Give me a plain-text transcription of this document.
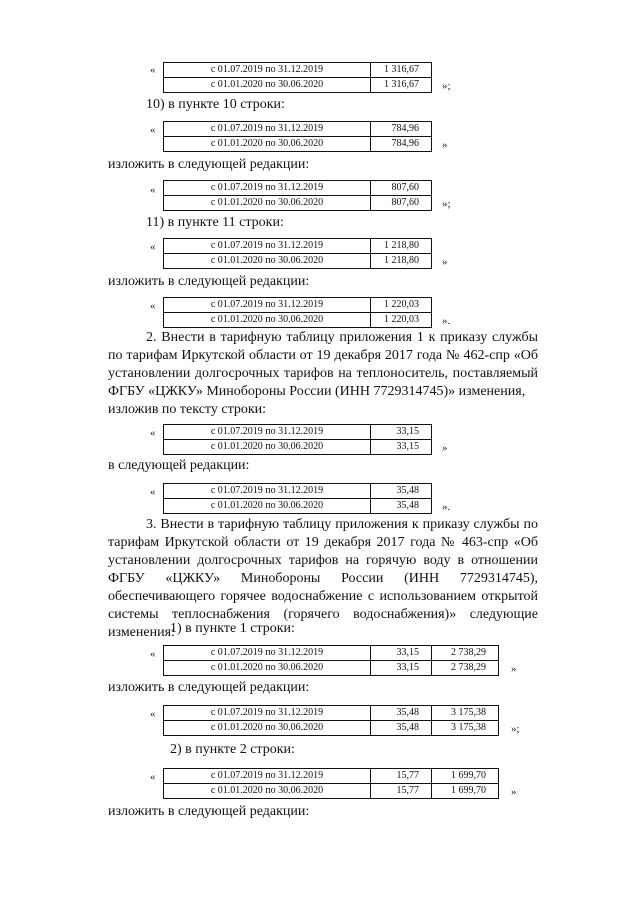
«	с 01.07.2019 по 31.12.2019	1 316,67
с 01.01.2020 по 30.06.2020	1 316,67 »;
10) в пункте 10 строки:
«	с 01.07.2019 по 31.12.2019	784,96
с 01.01.2020 по 30.06.2020	784,96 »
изложить в следующей редакции:
«	с 01.07.2019 по 31.12.2019	807,60
с 01.01.2020 по 30.06.2020	807,60 »;
11) в пункте 11 строки:
«	с 01.07.2019 по 31.12.2019	1 218,80
с 01.01.2020 по 30.06.2020	1 218,80 »
изложить в следующей редакции:
«	с 01.07.2019 по 31.12.2019	1 220,03
с 01.01.2020 по 30.06.2020	1 220,03 ».
2. Внести в тарифную таблицу приложения 1 к приказу службы по тарифам Иркутской области от 19 декабря 2017 года № 462-спр «Об установлении долгосрочных тарифов на теплоноситель, поставляемый ФГБУ «ЦЖКУ» Минобороны России (ИНН 7729314745)» изменения,
изложив по тексту строки:
«	с 01.07.2019 по 31.12.2019	33,15
с 01.01.2020 по 30.06.2020	33,15 »
в следующей редакции:
«	с 01.07.2019 по 31.12.2019	35,48
с 01.01.2020 по 30.06.2020	35,48 ».
3. Внести в тарифную таблицу приложения к приказу службы по тарифам Иркутской области от 19 декабря 2017 года № 463-спр «Об установлении долгосрочных тарифов на горячую воду в отношении ФГБУ «ЦЖКУ» Минобороны России (ИНН 7729314745), обеспечивающего горячее водоснабжение с использованием открытой системы теплоснабжения (горячего водоснабжения)» следующие изменения:
1) в пункте 1 строки:
«	с 01.07.2019 по 31.12.2019	33,15	2 738,29
с 01.01.2020 по 30.06.2020	33,15	2 738,29 »
изложить в следующей редакции:
«	с 01.07.2019 по 31.12.2019	35,48	3 175,38
с 01.01.2020 по 30.06.2020	35,48	3 175,38 »;
2) в пункте 2 строки:
«	с 01.07.2019 по 31.12.2019	15,77	1 699,70
с 01.01.2020 по 30.06.2020	15,77	1 699,70 »
изложить в следующей редакции:
